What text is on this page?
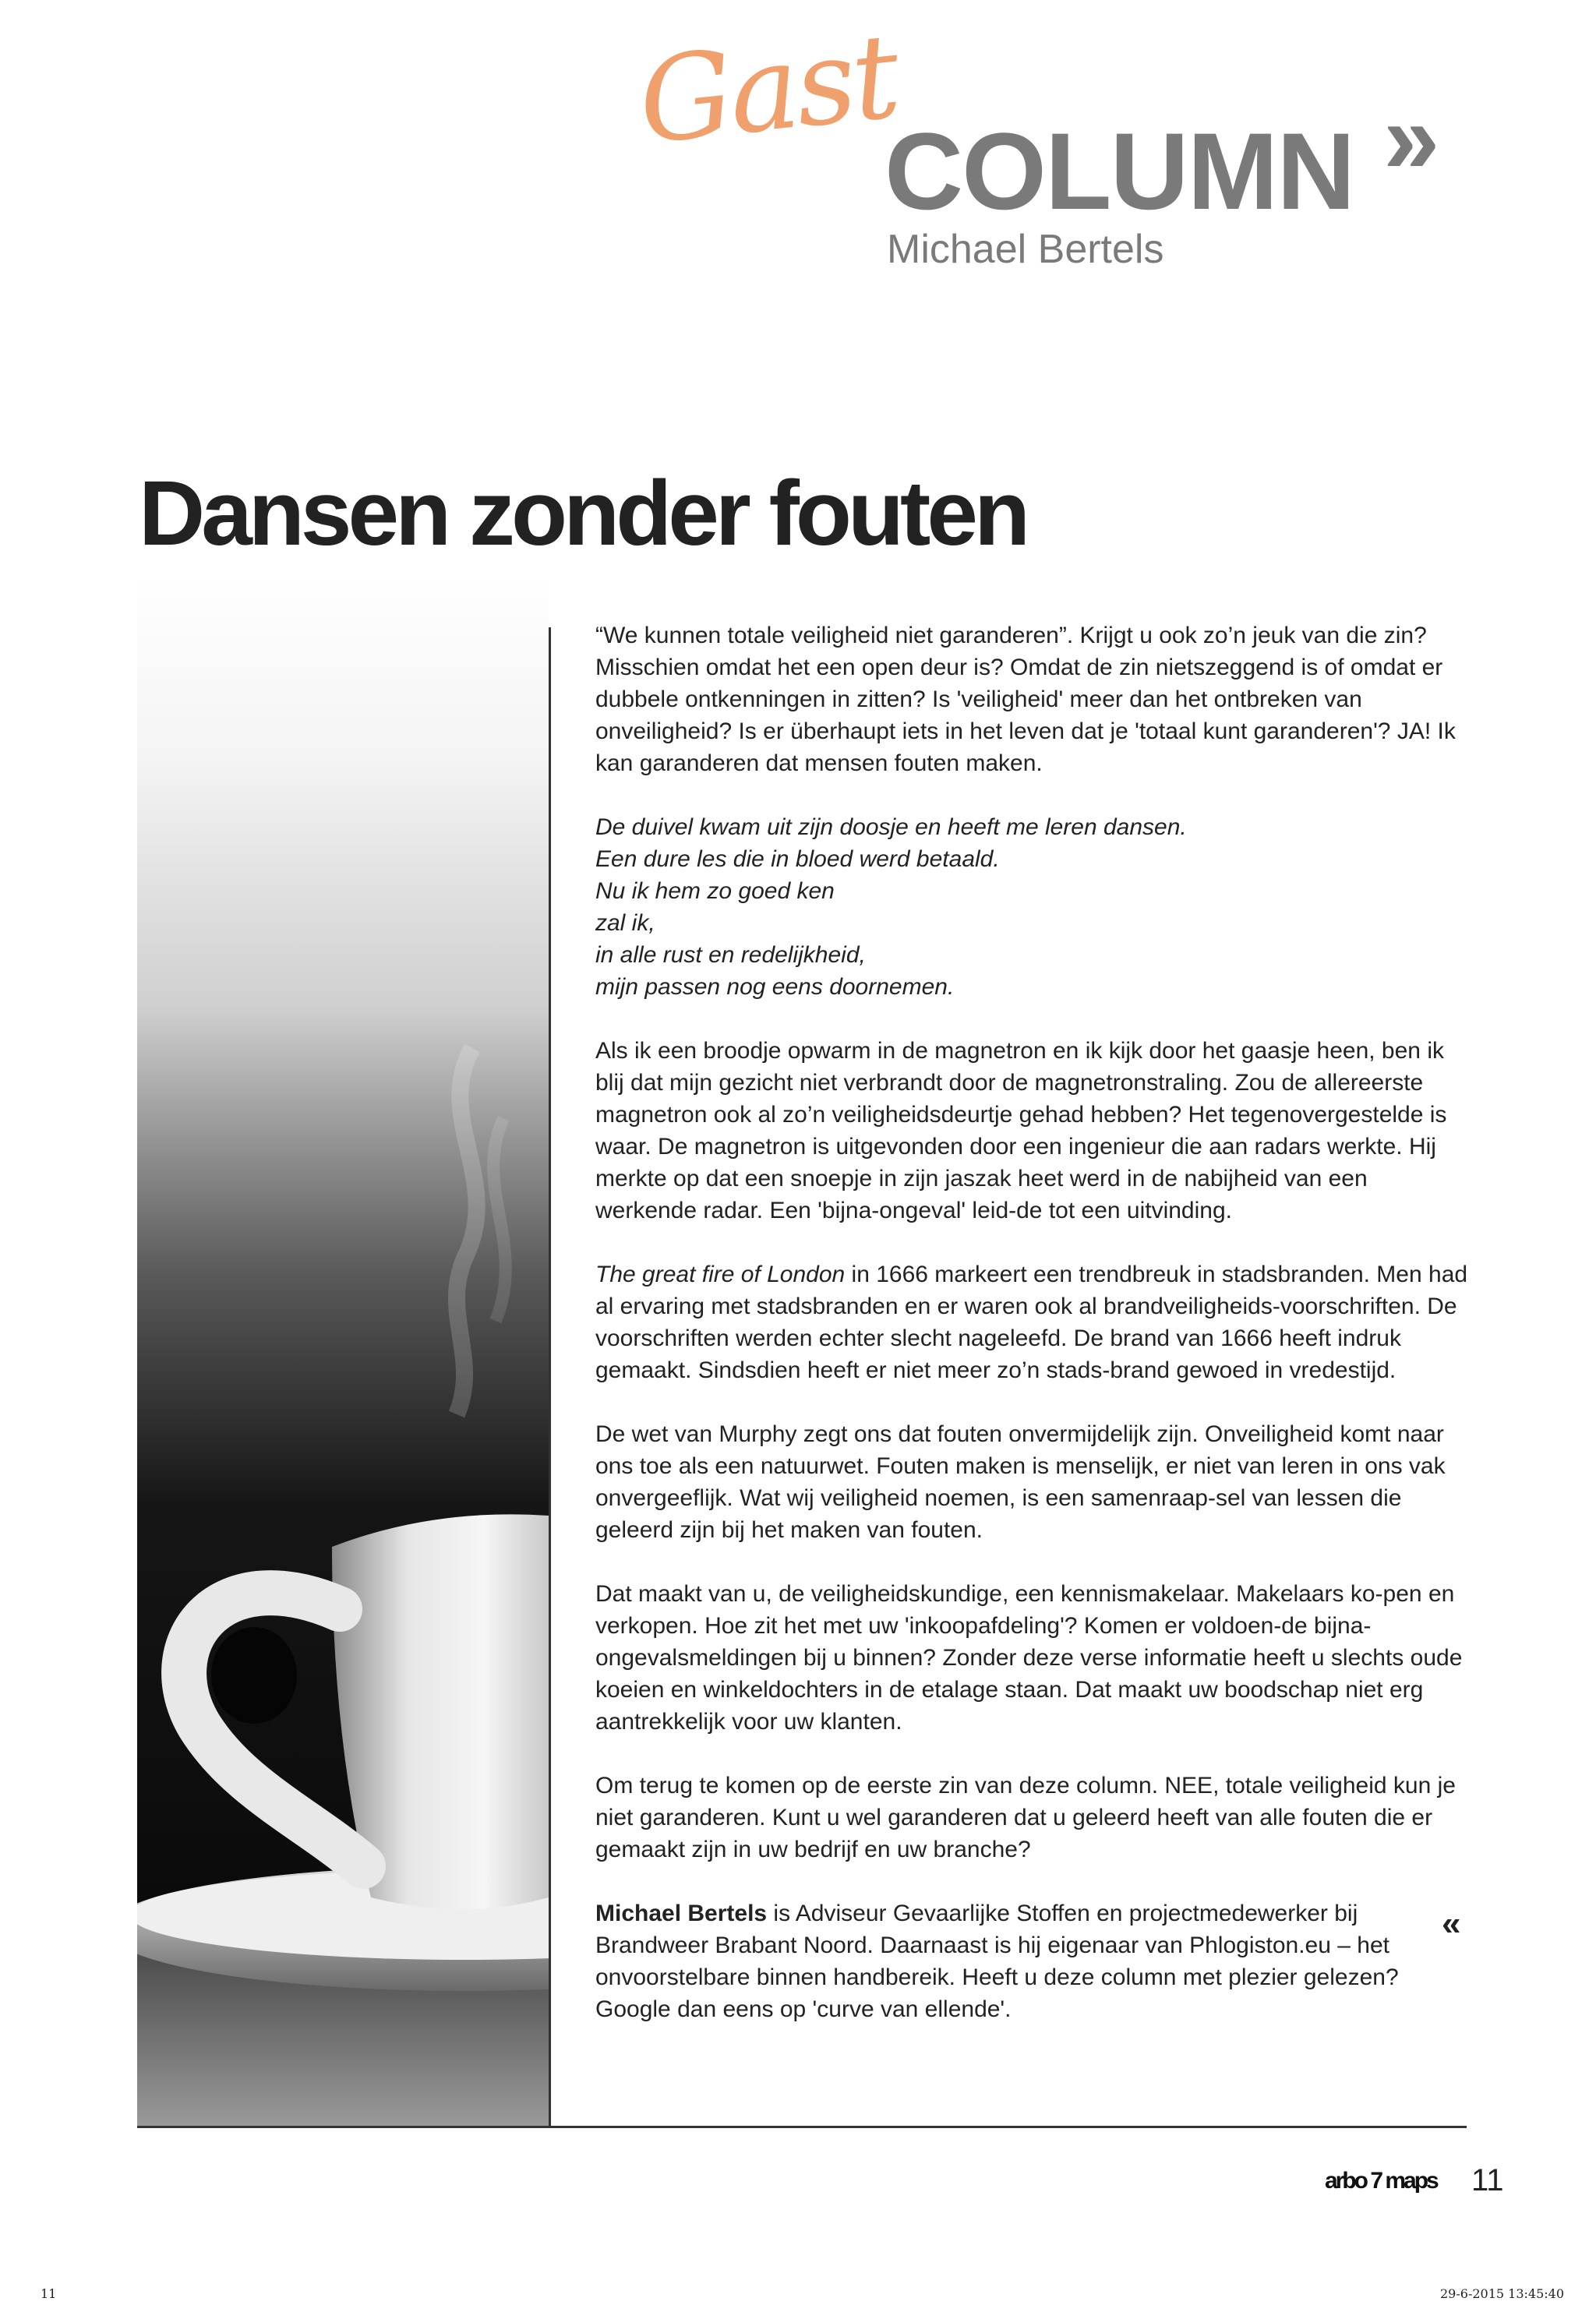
Gast
COLUMN »
Michael Bertels
Dansen zonder fouten

“We kunnen totale veiligheid niet garanderen”. Krijgt u ook zo’n jeuk van die zin? Misschien omdat het een open deur is? Omdat de zin nietszeggend is of omdat er dubbele ontkenningen in zitten? Is 'veiligheid' meer dan het ontbreken van onveiligheid? Is er überhaupt iets in het leven dat je 'totaal kunt garanderen'? JA! Ik kan garanderen dat mensen fouten maken.

De duivel kwam uit zijn doosje en heeft me leren dansen.
Een dure les die in bloed werd betaald.
Nu ik hem zo goed ken
zal ik,
in alle rust en redelijkheid,
mijn passen nog eens doornemen.

Als ik een broodje opwarm in de magnetron en ik kijk door het gaasje heen, ben ik blij dat mijn gezicht niet verbrandt door de magnetronstraling. Zou de allereerste magnetron ook al zo’n veiligheidsdeurtje gehad hebben? Het tegenovergestelde is waar. De magnetron is uitgevonden door een ingenieur die aan radars werkte. Hij merkte op dat een snoepje in zijn jaszak heet werd in de nabijheid van een werkende radar. Een 'bijna-ongeval' leid-de tot een uitvinding.

The great fire of London in 1666 markeert een trendbreuk in stadsbranden. Men had al ervaring met stadsbranden en er waren ook al brandveiligheids-voorschriften. De voorschriften werden echter slecht nageleefd. De brand van 1666 heeft indruk gemaakt. Sindsdien heeft er niet meer zo’n stads-brand gewoed in vredestijd.

De wet van Murphy zegt ons dat fouten onvermijdelijk zijn. Onveiligheid komt naar ons toe als een natuurwet. Fouten maken is menselijk, er niet van leren in ons vak onvergeeflijk. Wat wij veiligheid noemen, is een samenraap-sel van lessen die geleerd zijn bij het maken van fouten.

Dat maakt van u, de veiligheidskundige, een kennismakelaar. Makelaars ko-pen en verkopen. Hoe zit het met uw 'inkoopafdeling'? Komen er voldoen-de bijna-ongevalsmeldingen bij u binnen? Zonder deze verse informatie heeft u slechts oude koeien en winkeldochters in de etalage staan. Dat maakt uw boodschap niet erg aantrekkelijk voor uw klanten.

Om terug te komen op de eerste zin van deze column. NEE, totale veiligheid kun je niet garanderen. Kunt u wel garanderen dat u geleerd heeft van alle fouten die er gemaakt zijn in uw bedrijf en uw branche?

Michael Bertels is Adviseur Gevaarlijke Stoffen en projectmedewerker bij Brandweer Brabant Noord. Daarnaast is hij eigenaar van Phlogiston.eu – het onvoorstelbare binnen handbereik. Heeft u deze column met plezier gelezen? Google dan eens op 'curve van ellende'.

«
arbo 7 maps 11
11	29-6-2015 13:45:40
